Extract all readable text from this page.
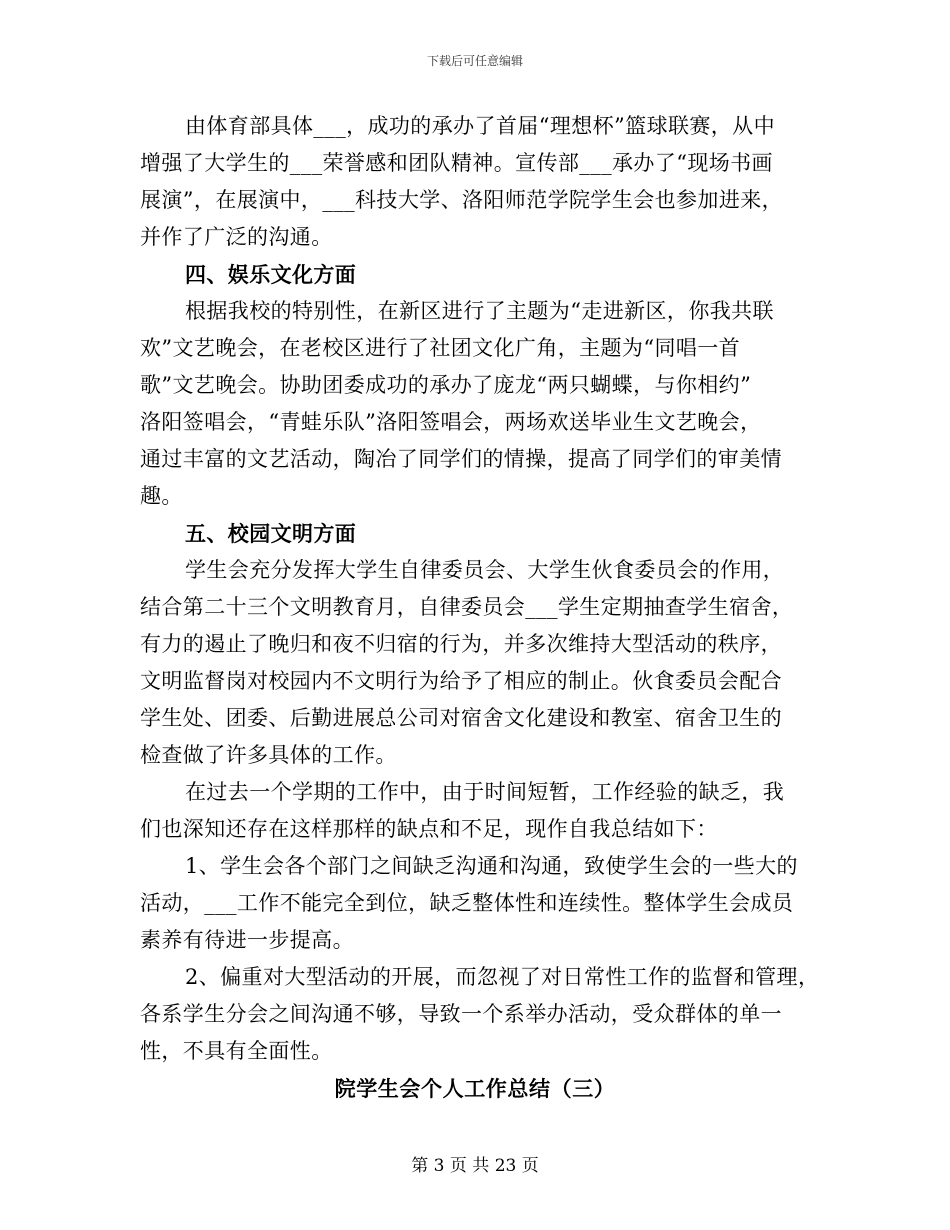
下载后可任意编辑

由体育部具体___，成功的承办了首届“理想杯”篮球联赛，从中
增强了大学生的___荣誉感和团队精神。宣传部___承办了“现场书画
展演”，在展演中，___科技大学、洛阳师范学院学生会也参加进来，
并作了广泛的沟通。

四、娱乐文化方面

根据我校的特别性，在新区进行了主题为“走进新区，你我共联
欢”文艺晚会，在老校区进行了社团文化广角，主题为“同唱一首
歌”文艺晚会。协助团委成功的承办了庞龙“两只蝴蝶，与你相约”
洛阳签唱会，“青蛙乐队”洛阳签唱会，两场欢送毕业生文艺晚会，
通过丰富的文艺活动，陶冶了同学们的情操，提高了同学们的审美情
趣。

五、校园文明方面

学生会充分发挥大学生自律委员会、大学生伙食委员会的作用，
结合第二十三个文明教育月，自律委员会___学生定期抽查学生宿舍，
有力的遏止了晚归和夜不归宿的行为，并多次维持大型活动的秩序，
文明监督岗对校园内不文明行为给予了相应的制止。伙食委员会配合
学生处、团委、后勤进展总公司对宿舍文化建设和教室、宿舍卫生的
检查做了许多具体的工作。

在过去一个学期的工作中，由于时间短暂，工作经验的缺乏，我
们也深知还存在这样那样的缺点和不足，现作自我总结如下：

1、学生会各个部门之间缺乏沟通和沟通，致使学生会的一些大的
活动，___工作不能完全到位，缺乏整体性和连续性。整体学生会成员
素养有待进一步提高。

2、偏重对大型活动的开展，而忽视了对日常性工作的监督和管理，
各系学生分会之间沟通不够，导致一个系举办活动，受众群体的单一
性，不具有全面性。

院学生会个人工作总结（三）
第 3 页 共 23 页
